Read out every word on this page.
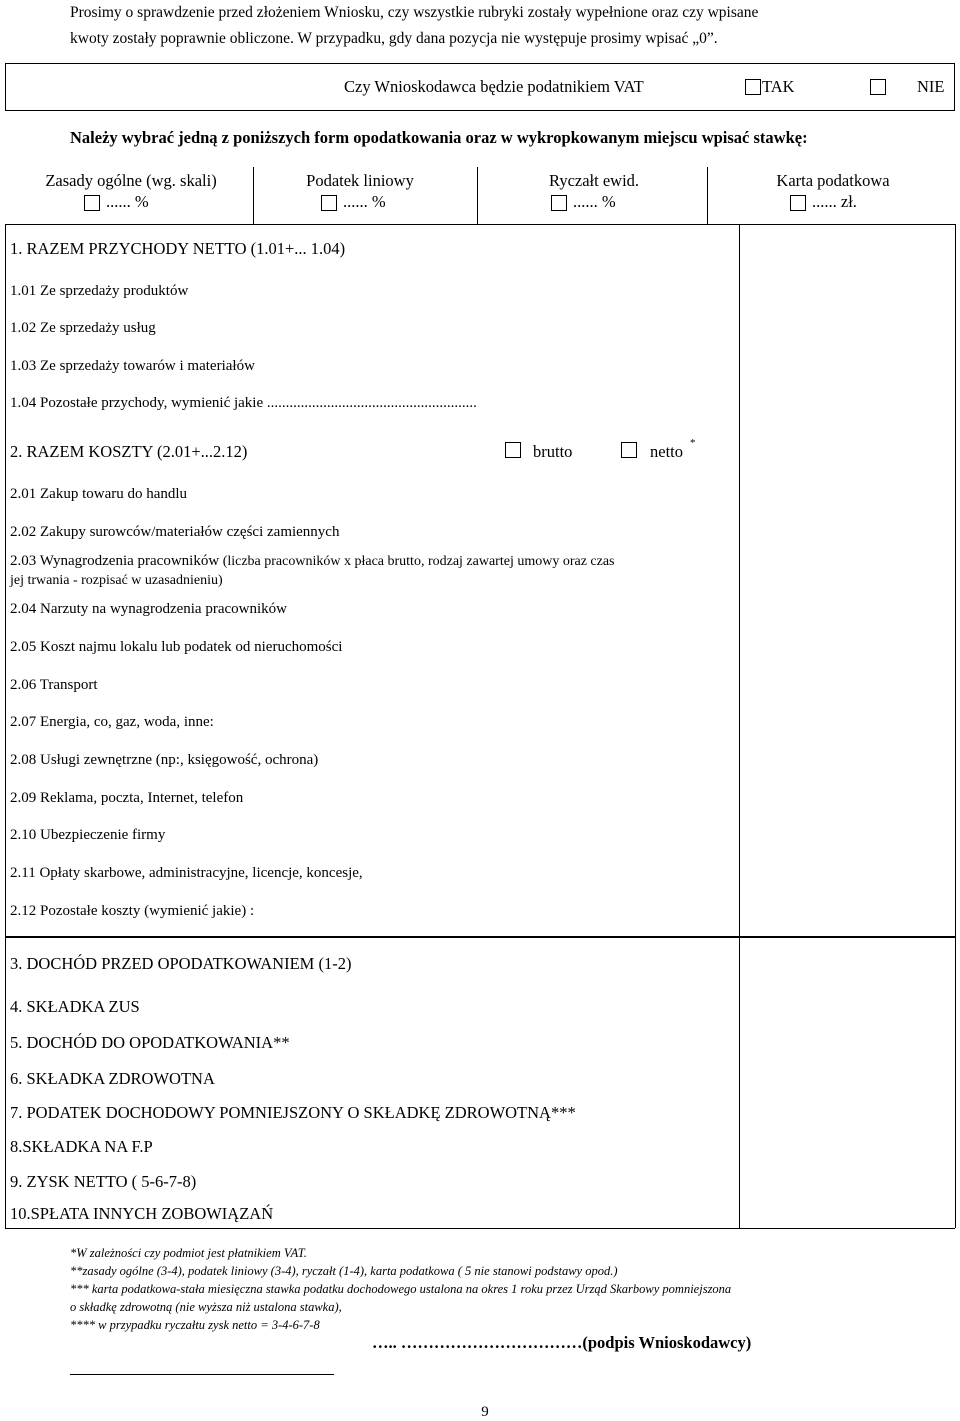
Prosimy o sprawdzenie przed złożeniem Wniosku, czy wszystkie rubryki zostały wypełnione oraz czy wpisane
kwoty zostały poprawnie obliczone. W przypadku, gdy dana pozycja nie występuje prosimy wpisać „0”.
Czy Wnioskodawca będzie podatnikiem VAT	TAK	NIE
Należy wybrać jedną z poniższych form opodatkowania oraz w wykropkowanym miejscu wpisać stawkę:
Zasady ogólne (wg. skali)
...... %
Podatek liniowy
...... %
Ryczałt ewid.
...... %
Karta podatkowa
...... zł.
1. RAZEM PRZYCHODY NETTO (1.01+... 1.04)
1.01 Ze sprzedaży produktów
1.02 Ze sprzedaży usług
1.03 Ze sprzedaży towarów i materiałów
1.04 Pozostałe przychody, wymienić jakie ........................................................
2. RAZEM KOSZTY (2.01+...2.12)	brutto	netto *
2.01 Zakup towaru do handlu
2.02 Zakupy surowców/materiałów części zamiennych
2.03 Wynagrodzenia pracowników (liczba pracowników x płaca brutto, rodzaj zawartej umowy oraz czas
jej trwania - rozpisać w uzasadnieniu)
2.04 Narzuty na wynagrodzenia pracowników
2.05 Koszt najmu lokalu lub podatek od nieruchomości
2.06 Transport
2.07 Energia, co, gaz, woda, inne:
2.08 Usługi zewnętrzne (np:, księgowość, ochrona)
2.09 Reklama, poczta, Internet, telefon
2.10 Ubezpieczenie firmy
2.11 Opłaty skarbowe, administracyjne, licencje, koncesje,
2.12 Pozostałe koszty (wymienić jakie) :
3. DOCHÓD PRZED OPODATKOWANIEM (1-2)
4. SKŁADKA ZUS
5. DOCHÓD DO OPODATKOWANIA**
6. SKŁADKA ZDROWOTNA
7. PODATEK DOCHODOWY POMNIEJSZONY O SKŁADKĘ ZDROWOTNĄ***
8.SKŁADKA NA F.P
9. ZYSK NETTO ( 5-6-7-8)
10.SPŁATA INNYCH ZOBOWIĄZAŃ
*W zależności czy podmiot jest płatnikiem VAT.
**zasady ogólne (3-4), podatek liniowy (3-4), ryczałt (1-4), karta podatkowa ( 5 nie stanowi podstawy opod.)
*** karta podatkowa-stała miesięczna stawka podatku dochodowego ustalona na okres 1 roku przez Urząd Skarbowy pomniejszona
o składkę zdrowotną (nie wyższa niż ustalona stawka),
**** w przypadku ryczałtu zysk netto = 3-4-6-7-8
….. ……………………………(podpis Wnioskodawcy)
9
